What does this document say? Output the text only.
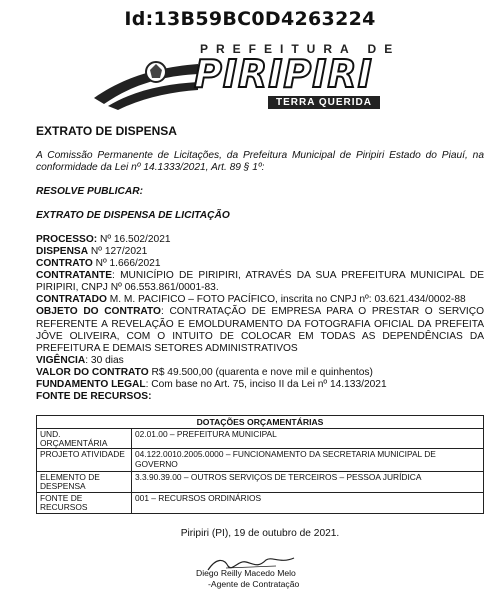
Id:13B59BC0D4263224
PREFEITURA DE
PIRIPIRI
TERRA QUERIDA

EXTRATO DE DISPENSA

A Comissão Permanente de Licitações, da Prefeitura Municipal de Piripiri Estado do Piauí, na conformidade da Lei nº 14.1333/2021, Art. 89 § 1º:

RESOLVE PUBLICAR:

EXTRATO DE DISPENSA DE LICITAÇÃO

PROCESSO: Nº 16.502/2021

DISPENSA Nº 127/2021

CONTRATO Nº 1.666/2021

CONTRATANTE: MUNICÍPIO DE PIRIPIRI, ATRAVÉS DA SUA PREFEITURA MUNICIPAL DE PIRIPIRI, CNPJ Nº 06.553.861/0001-83.

CONTRATADO M. M. PACIFICO – FOTO PACÍFICO, inscrita no CNPJ nº: 03.621.434/0002-88

OBJETO DO CONTRATO: CONTRATAÇÃO DE EMPRESA PARA O PRESTAR O SERVIÇO REFERENTE A REVELAÇÃO E EMOLDURAMENTO DA FOTOGRAFIA OFICIAL DA PREFEITA JÔVE OLIVEIRA, COM O INTUITO DE COLOCAR EM TODAS AS DEPENDÊNCIAS DA PREFEITURA E DEMAIS SETORES ADMINISTRATIVOS

VIGÊNCIA: 30 dias

VALOR DO CONTRATO R$ 49.500,00 (quarenta e nove mil e quinhentos)

FUNDAMENTO LEGAL: Com base no Art. 75, inciso II da Lei nº 14.133/2021

FONTE DE RECURSOS:

DOTAÇÕES ORÇAMENTÁRIAS	
UND. ORÇAMENTÁRIA	02.01.00 – PREFEITURA MUNICIPAL
PROJETO ATIVIDADE	04.122.0010.2005.0000 – FUNCIONAMENTO DA SECRETARIA MUNICIPAL DE GOVERNO
ELEMENTO DE DESPENSA	3.3.90.39.00 – OUTROS SERVIÇOS DE TERCEIROS – PESSOA JURÍDICA
FONTE DE RECURSOS	001 – RECURSOS ORDINÁRIOS
Piripiri (PI), 19 de outubro de 2021.
Diego Reilly Macedo Melo
-Agente de Contratação
